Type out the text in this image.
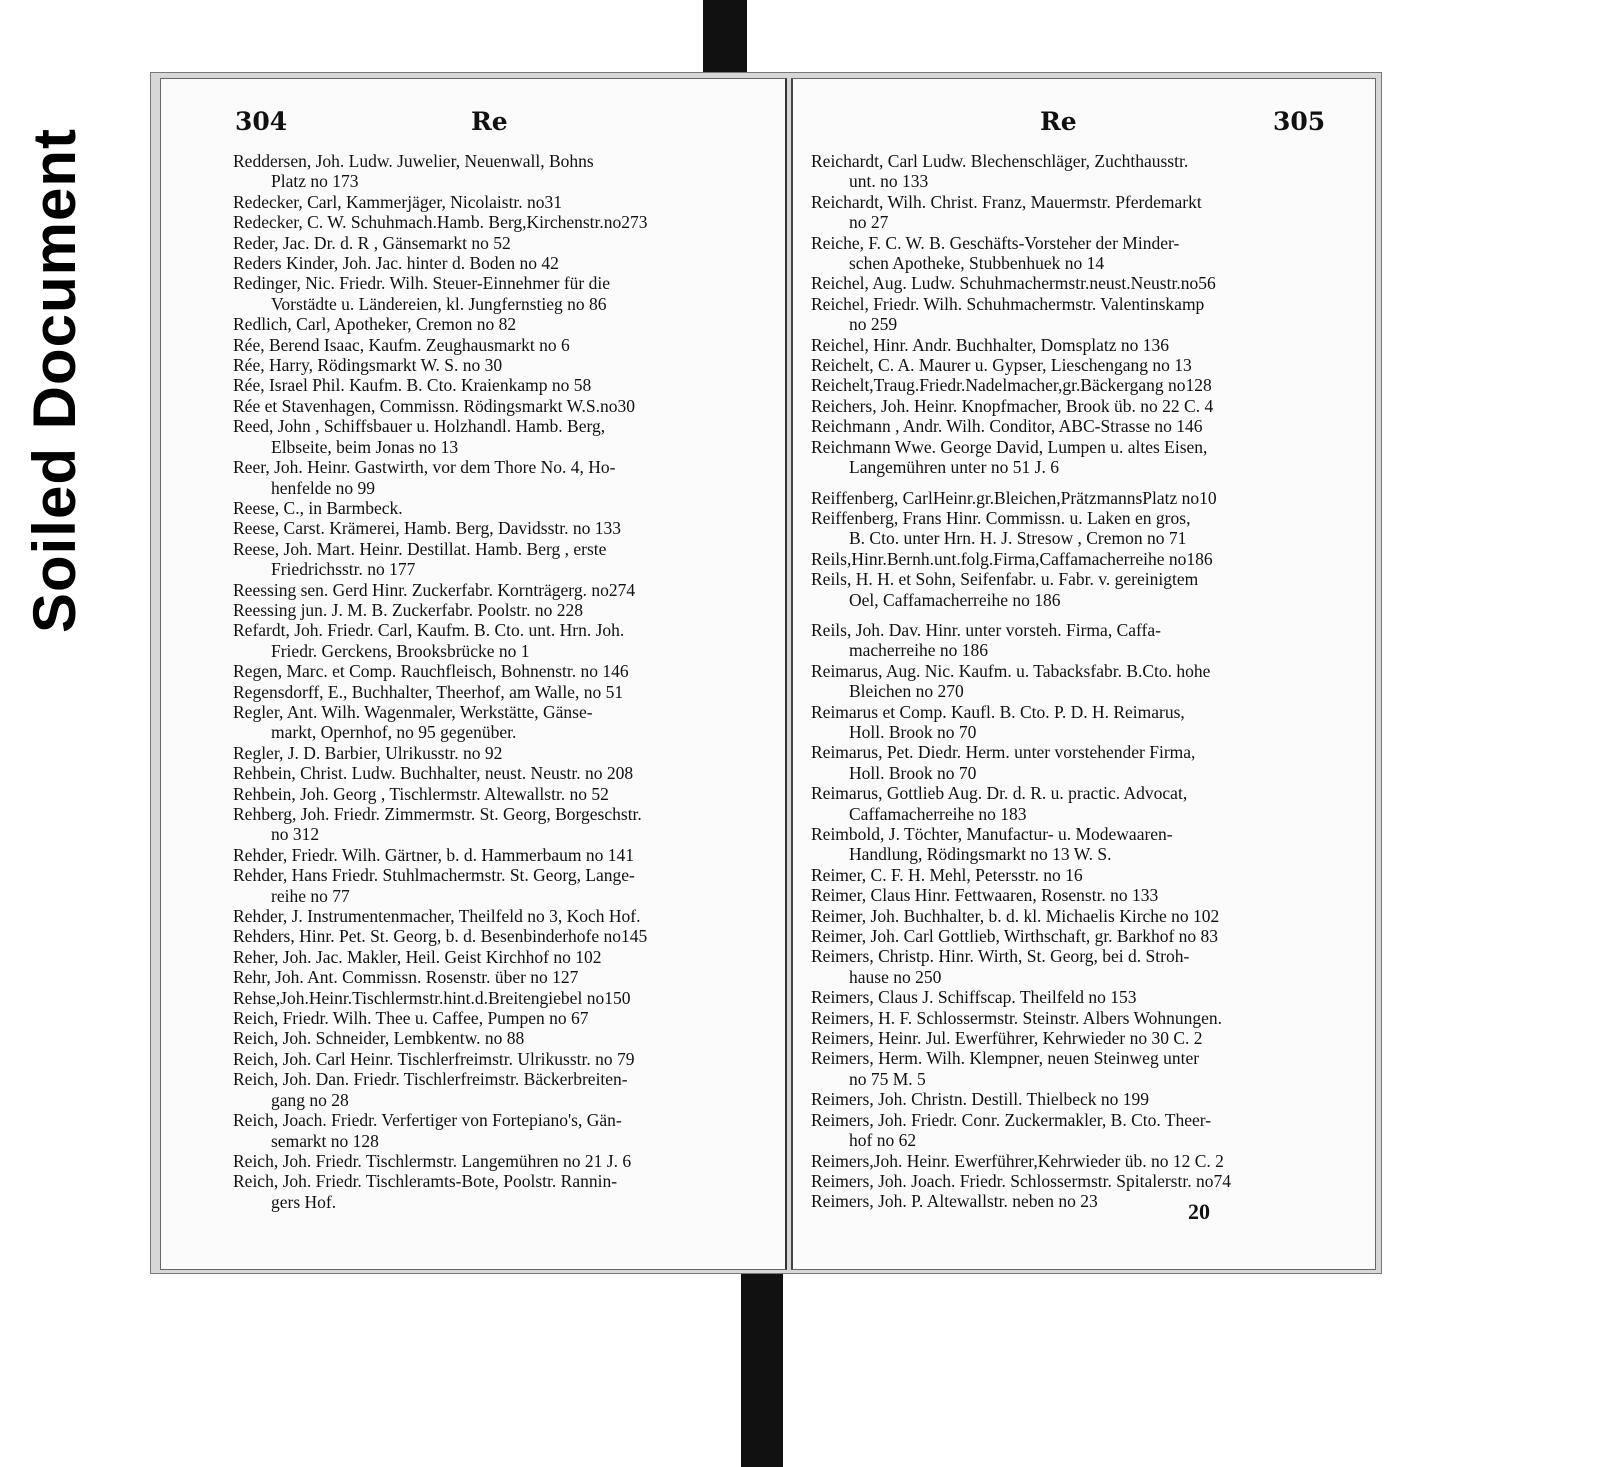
Soiled Document
304	Re
Reddersen, Joh. Ludw. Juwelier, Neuenwall, Bohns
Platz no 173
Redecker, Carl, Kammerjäger, Nicolaistr. no31
Redecker, C. W. Schuhmach.Hamb. Berg,Kirchenstr.no273
Reder, Jac. Dr. d. R , Gänsemarkt no 52
Reders Kinder, Joh. Jac. hinter d. Boden no 42
Redinger, Nic. Friedr. Wilh. Steuer-Einnehmer für die
Vorstädte u. Ländereien, kl. Jungfernstieg no 86
Redlich, Carl, Apotheker, Cremon no 82
Rée, Berend Isaac, Kaufm. Zeughausmarkt no 6
Rée, Harry, Rödingsmarkt W. S. no 30
Rée, Israel Phil. Kaufm. B. Cto. Kraienkamp no 58
Rée et Stavenhagen, Commissn. Rödingsmarkt W.S.no30
Reed, John , Schiffsbauer u. Holzhandl. Hamb. Berg,
Elbseite, beim Jonas no 13
Reer, Joh. Heinr. Gastwirth, vor dem Thore No. 4, Ho-
henfelde no 99
Reese, C., in Barmbeck.
Reese, Carst. Krämerei, Hamb. Berg, Davidsstr. no 133
Reese, Joh. Mart. Heinr. Destillat. Hamb. Berg , erste
Friedrichsstr. no 177
Reessing sen. Gerd Hinr. Zuckerfabr. Kornträgerg. no274
Reessing jun. J. M. B. Zuckerfabr. Poolstr. no 228
Refardt, Joh. Friedr. Carl, Kaufm. B. Cto. unt. Hrn. Joh.
Friedr. Gerckens, Brooksbrücke no 1
Regen, Marc. et Comp. Rauchfleisch, Bohnenstr. no 146
Regensdorff, E., Buchhalter, Theerhof, am Walle, no 51
Regler, Ant. Wilh. Wagenmaler, Werkstätte, Gänse-
markt, Opernhof, no 95 gegenüber.
Regler, J. D. Barbier, Ulrikusstr. no 92
Rehbein, Christ. Ludw. Buchhalter, neust. Neustr. no 208
Rehbein, Joh. Georg , Tischlermstr. Altewallstr. no 52
Rehberg, Joh. Friedr. Zimmermstr. St. Georg, Borgeschstr.
no 312
Rehder, Friedr. Wilh. Gärtner, b. d. Hammerbaum no 141
Rehder, Hans Friedr. Stuhlmachermstr. St. Georg, Lange-
reihe no 77
Rehder, J. Instrumentenmacher, Theilfeld no 3, Koch Hof.
Rehders, Hinr. Pet. St. Georg, b. d. Besenbinderhofe no145
Reher, Joh. Jac. Makler, Heil. Geist Kirchhof no 102
Rehr, Joh. Ant. Commissn. Rosenstr. über no 127
Rehse,Joh.Heinr.Tischlermstr.hint.d.Breitengiebel no150
Reich, Friedr. Wilh. Thee u. Caffee, Pumpen no 67
Reich, Joh. Schneider, Lembkentw. no 88
Reich, Joh. Carl Heinr. Tischlerfreimstr. Ulrikusstr. no 79
Reich, Joh. Dan. Friedr. Tischlerfreimstr. Bäckerbreiten-
gang no 28
Reich, Joach. Friedr. Verfertiger von Fortepiano's, Gän-
semarkt no 128
Reich, Joh. Friedr. Tischlermstr. Langemühren no 21 J. 6
Reich, Joh. Friedr. Tischleramts-Bote, Poolstr. Rannin-
gers Hof.
Re	305
Reichardt, Carl Ludw. Blechenschläger, Zuchthausstr.
unt. no 133
Reichardt, Wilh. Christ. Franz, Mauermstr. Pferdemarkt
no 27
Reiche, F. C. W. B. Geschäfts-Vorsteher der Minder-
schen Apotheke, Stubbenhuek no 14
Reichel, Aug. Ludw. Schuhmachermstr.neust.Neustr.no56
Reichel, Friedr. Wilh. Schuhmachermstr. Valentinskamp
no 259
Reichel, Hinr. Andr. Buchhalter, Domsplatz no 136
Reichelt, C. A. Maurer u. Gypser, Lieschengang no 13
Reichelt,Traug.Friedr.Nadelmacher,gr.Bäckergang no128
Reichers, Joh. Heinr. Knopfmacher, Brook üb. no 22 C. 4
Reichmann , Andr. Wilh. Conditor, ABC-Strasse no 146
Reichmann Wwe. George David, Lumpen u. altes Eisen,
Langemühren unter no 51 J. 6
Reiffenberg, CarlHeinr.gr.Bleichen,PrätzmannsPlatz no10
Reiffenberg, Frans Hinr. Commissn. u. Laken en gros,
B. Cto. unter Hrn. H. J. Stresow , Cremon no 71
Reils,Hinr.Bernh.unt.folg.Firma,Caffamacherreihe no186
Reils, H. H. et Sohn, Seifenfabr. u. Fabr. v. gereinigtem
Oel, Caffamacherreihe no 186
Reils, Joh. Dav. Hinr. unter vorsteh. Firma, Caffa-
macherreihe no 186
Reimarus, Aug. Nic. Kaufm. u. Tabacksfabr. B.Cto. hohe
Bleichen no 270
Reimarus et Comp. Kaufl. B. Cto. P. D. H. Reimarus,
Holl. Brook no 70
Reimarus, Pet. Diedr. Herm. unter vorstehender Firma,
Holl. Brook no 70
Reimarus, Gottlieb Aug. Dr. d. R. u. practic. Advocat,
Caffamacherreihe no 183
Reimbold, J. Töchter, Manufactur- u. Modewaaren-
Handlung, Rödingsmarkt no 13 W. S.
Reimer, C. F. H. Mehl, Petersstr. no 16
Reimer, Claus Hinr. Fettwaaren, Rosenstr. no 133
Reimer, Joh. Buchhalter, b. d. kl. Michaelis Kirche no 102
Reimer, Joh. Carl Gottlieb, Wirthschaft, gr. Barkhof no 83
Reimers, Christp. Hinr. Wirth, St. Georg, bei d. Stroh-
hause no 250
Reimers, Claus J. Schiffscap. Theilfeld no 153
Reimers, H. F. Schlossermstr. Steinstr. Albers Wohnungen.
Reimers, Heinr. Jul. Ewerführer, Kehrwieder no 30 C. 2
Reimers, Herm. Wilh. Klempner, neuen Steinweg unter
no 75 M. 5
Reimers, Joh. Christn. Destill. Thielbeck no 199
Reimers, Joh. Friedr. Conr. Zuckermakler, B. Cto. Theer-
hof no 62
Reimers,Joh. Heinr. Ewerführer,Kehrwieder üb. no 12 C. 2
Reimers, Joh. Joach. Friedr. Schlossermstr. Spitalerstr. no74
Reimers, Joh. P. Altewallstr. neben no 23	20
